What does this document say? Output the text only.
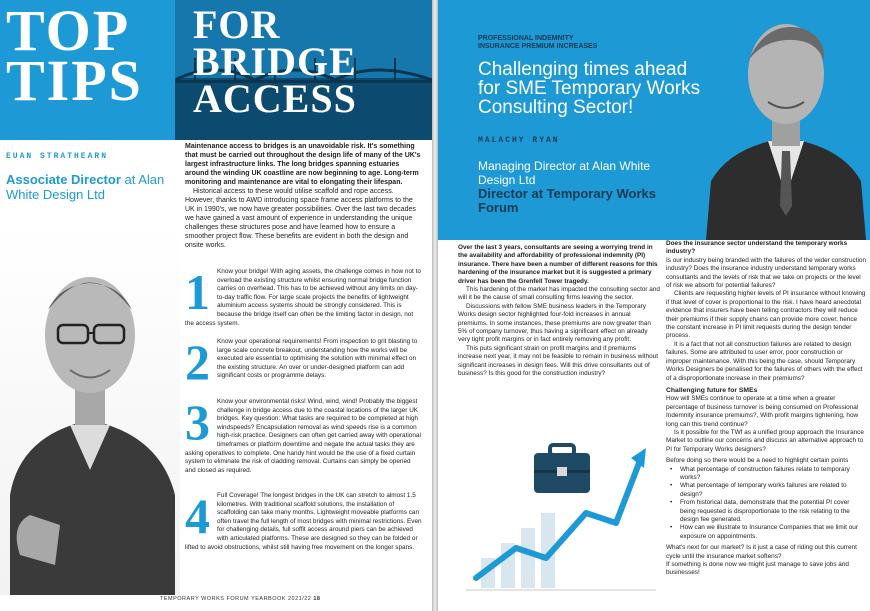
TOP
TIPS
FOR
BRIDGE
ACCESS
EUAN STRATHEARN
Associate Director at Alan White Design Ltd

Maintenance access to bridges is an unavoidable risk. It's something that must be carried out throughout the design life of many of the UK's largest infrastructure links. The long bridges spanning estuaries around the winding UK coastline are now beginning to age. Long-term monitoring and maintenance are vital to elongating their lifespan.

Historical access to these would utilise scaffold and rope access. However, thanks to AWD introducing space frame access platforms to the UK in 1990's, we now have greater possibilities. Over the last two decades we have gained a vast amount of experience in understanding the unique challenges these structures pose and have learned how to ensure a smoother project flow. These benefits are evident in both the design and onsite works.

1	Know your bridge! With aging assets, the challenge comes in how not to overload the existing structure whilst ensuring normal bridge function carries on overhead. This has to be achieved without any limits on day-to-day traffic flow. For large scale projects the benefits of lightweight aluminium access systems should be strongly considered. This is because the bridge itself can often be the limiting factor in design, not the access system.
2	Know your operational requirements! From inspection to grit blasting to large scale concrete breakout, understanding how the works will be executed are essential to optimising the solution with minimal effect on the existing structure. An over or under-designed platform can add significant costs or programme delays.
3	Know your environmental risks! Wind, wind, wind! Probably the biggest challenge in bridge access due to the coastal locations of the larger UK bridges. Key question: What tasks are required to be completed at high windspeeds? Encapsulation removal as wind speeds rise is a common high-risk practice. Designers can often get carried away with operational timeframes or platform downtime and negate the actual tasks they are asking operatives to complete. One handy hint would be the use of a fixed curtain system to eliminate the risk of cladding removal. Curtains can simply be opened and closed as required.
4	Full Coverage! The longest bridges in the UK can stretch to almost 1.5 kilometres. With traditional scaffold solutions, the installation of scaffolding can take many months. Lightweight moveable platforms can often travel the full length of most bridges with minimal restrictions. Even for challenging details, full soffit access around piers can be achieved with articulated platforms. These are designed so they can be folded or lifted to avoid obstructions, whilst still having free movement on the longer spans.
TEMPORARY WORKS FORUM YEARBOOK 2021/22 18
PROFESSIONAL INDEMNITY
INSURANCE PREMIUM INCREASES
Challenging times ahead for SME Temporary Works Consulting Sector!
MALACHY RYAN
Managing Director at Alan White Design Ltd
Director at Temporary Works Forum

Over the last 3 years, consultants are seeing a worrying trend in the availability and affordability of professional indemnity (PI) insurance. There have been a number of different reasons for this hardening of the insurance market but it is suggested a primary driver has been the Grenfell Tower tragedy.

This hardening of the market has impacted the consulting sector and will it be the cause of small consulting firms leaving the sector.

Discussions with fellow SME business leaders in the Temporary Works design sector highlighted four-fold increases in annual premiums. In some instances, these premiums are now greater than 5% of company turnover, thus having a significant effect on already very tight profit margins or in fact entirely removing any profit.

This puts significant strain on profit margins and if premiums increase next year, it may not be feasible to remain in business without significant increases in design fees. Will this drive consultants out of business? Is this good for the construction industry?

Does the insurance sector understand the temporary works industry?

Is our industry being branded with the failures of the wider construction industry? Does the insurance industry understand temporary works consultants and the levels of risk that we take on projects or the level of risk we absorb for potential failures?

Clients are requesting higher levels of PI insurance without knowing if that level of cover is proportional to the risk. I have heard anecdotal evidence that insurers have been telling contractors they will reduce their premiums if their supply chains can provide more cover, hence the constant increase in PI limit requests during the design tender process.

It is a fact that not all construction failures are related to design failures. Some are attributed to user error, poor construction or improper maintenance. With this being the case, should Temporary Works Designers be penalised for the failures of others with the effect of a disproportionate increase in their premiums?

Challenging future for SMEs

How will SMEs continue to operate at a time when a greater percentage of business turnover is being consumed on Professional Indemnity insurance premiums?, With profit margins tightening, how long can this trend continue?

Is it possible for the TWf as a unified group approach the Insurance Market to outline our concerns and discuss an alternative approach to PI for Temporary Works designers?

Before doing so there would be a need to highlight certain points

• What percentage of construction failures relate to temporary works?
• What percentage of temporary works failures are related to design?
• From historical data, demonstrate that the potential PI cover being requested is disproportionate to the risk relating to the design fee generated.
• How can we illustrate to Insurance Companies that we limit our exposure on appointments.

What's next for our market? Is it just a case of riding out this current cycle until the insurance market softens?

If something is done now we might just manage to save jobs and businesses!
